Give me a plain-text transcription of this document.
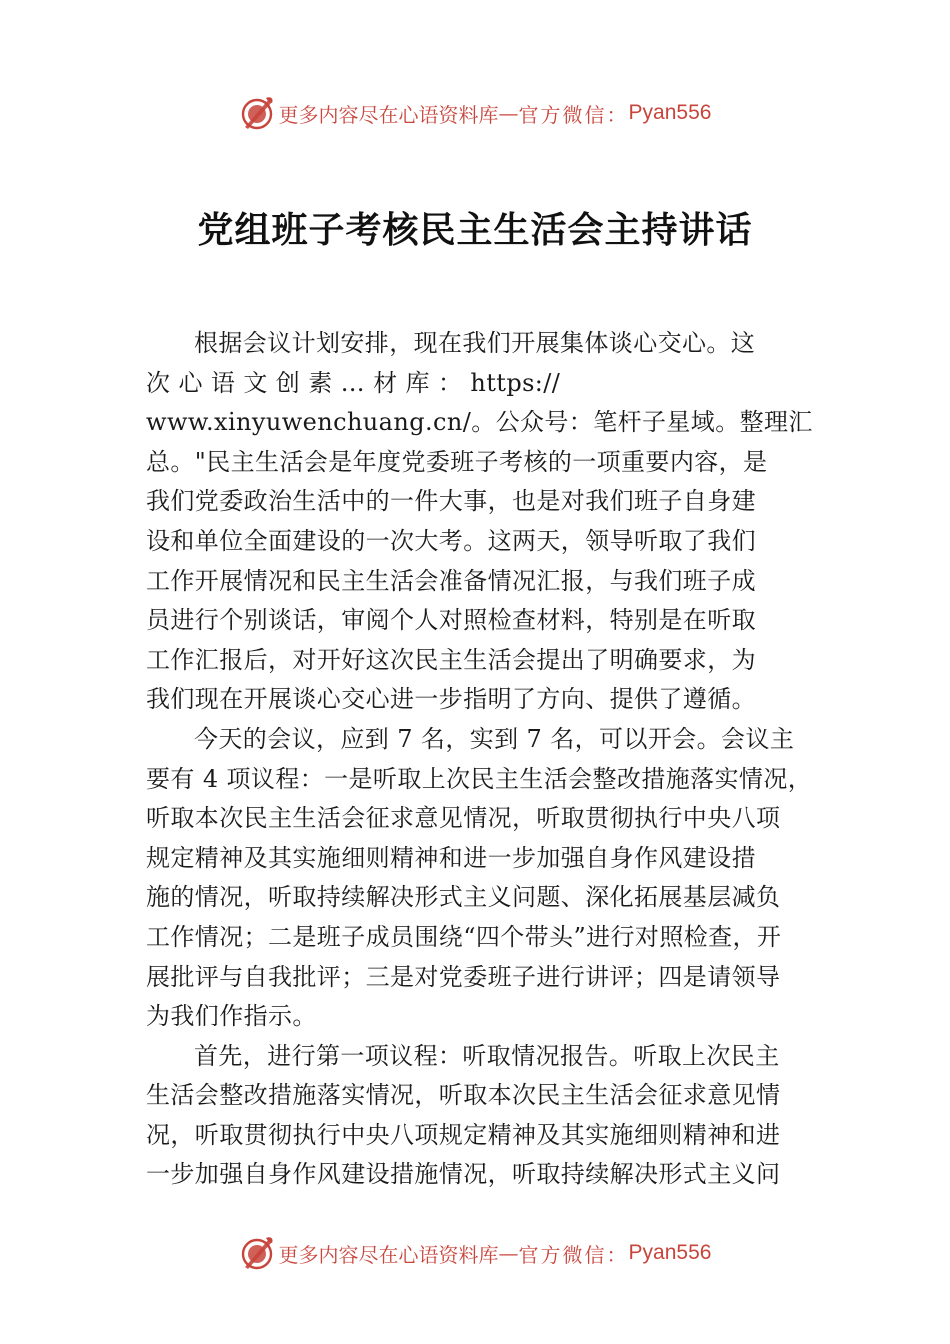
更多内容尽在心语资料库 — 官方微信： Pyan556
党组班子考核民主生活会主持讲话

根据会议计划安排，现在我们开展集体谈心交心。这
次 心 语 文 创 素 … 材 库 ： https://
www.xinyuwenchuang.cn/。公众号：笔杆子星域。整理汇
总。"民主生活会是年度党委班子考核的一项重要内容，是
我们党委政治生活中的一件大事，也是对我们班子自身建
设和单位全面建设的一次大考。这两天，领导听取了我们
工作开展情况和民主生活会准备情况汇报，与我们班子成
员进行个别谈话，审阅个人对照检查材料，特别是在听取
工作汇报后，对开好这次民主生活会提出了明确要求，为
我们现在开展谈心交心进一步指明了方向、提供了遵循。

今天的会议，应到 7 名，实到 7 名，可以开会。会议主
要有 4 项议程：一是听取上次民主生活会整改措施落实情况，
听取本次民主生活会征求意见情况，听取贯彻执行中央八项
规定精神及其实施细则精神和进一步加强自身作风建设措
施的情况，听取持续解决形式主义问题、深化拓展基层减负
工作情况；二是班子成员围绕“四个带头”进行对照检查，开
展批评与自我批评；三是对党委班子进行讲评；四是请领导
为我们作指示。

首先，进行第一项议程：听取情况报告。听取上次民主
生活会整改措施落实情况，听取本次民主生活会征求意见情
况，听取贯彻执行中央八项规定精神及其实施细则精神和进
一步加强自身作风建设措施情况，听取持续解决形式主义问

更多内容尽在心语资料库 — 官方微信： Pyan556
